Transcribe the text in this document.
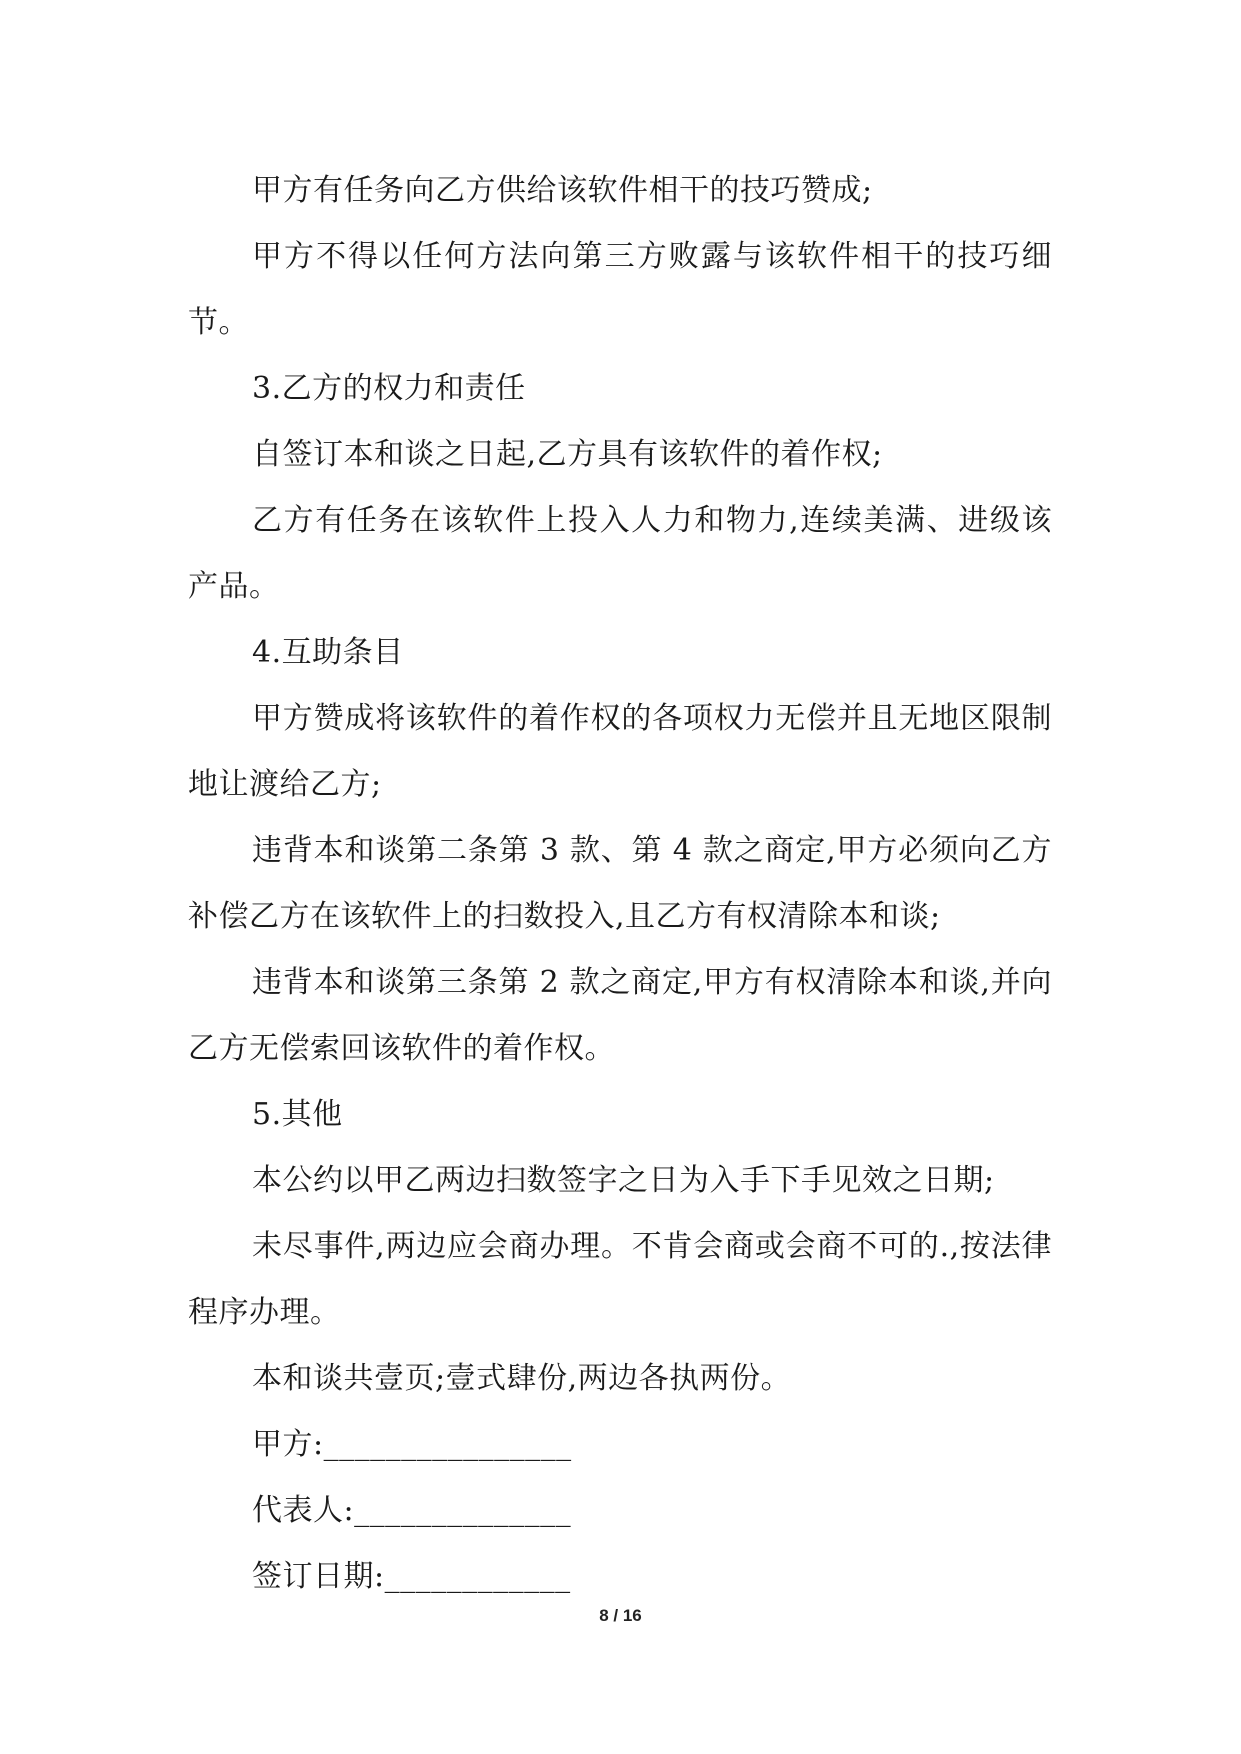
甲方有任务向乙方供给该软件相干的技巧赞成;

甲方不得以任何方法向第三方败露与该软件相干的技巧细节。

3.乙方的权力和责任

自签订本和谈之日起,乙方具有该软件的着作权;

乙方有任务在该软件上投入人力和物力,连续美满、进级该产品。

4.互助条目

甲方赞成将该软件的着作权的各项权力无偿并且无地区限制地让渡给乙方;

违背本和谈第二条第 3 款、第 4 款之商定,甲方必须向乙方补偿乙方在该软件上的扫数投入,且乙方有权清除本和谈;

违背本和谈第三条第 2 款之商定,甲方有权清除本和谈,并向乙方无偿索回该软件的着作权。

5.其他

本公约以甲乙两边扫数签字之日为入手下手见效之日期;

未尽事件,两边应会商办理。不肯会商或会商不可的.,按法律程序办理。

本和谈共壹页;壹式肆份,两边各执两份。

甲方:________________

代表人:______________

签订日期:____________

8 / 16
